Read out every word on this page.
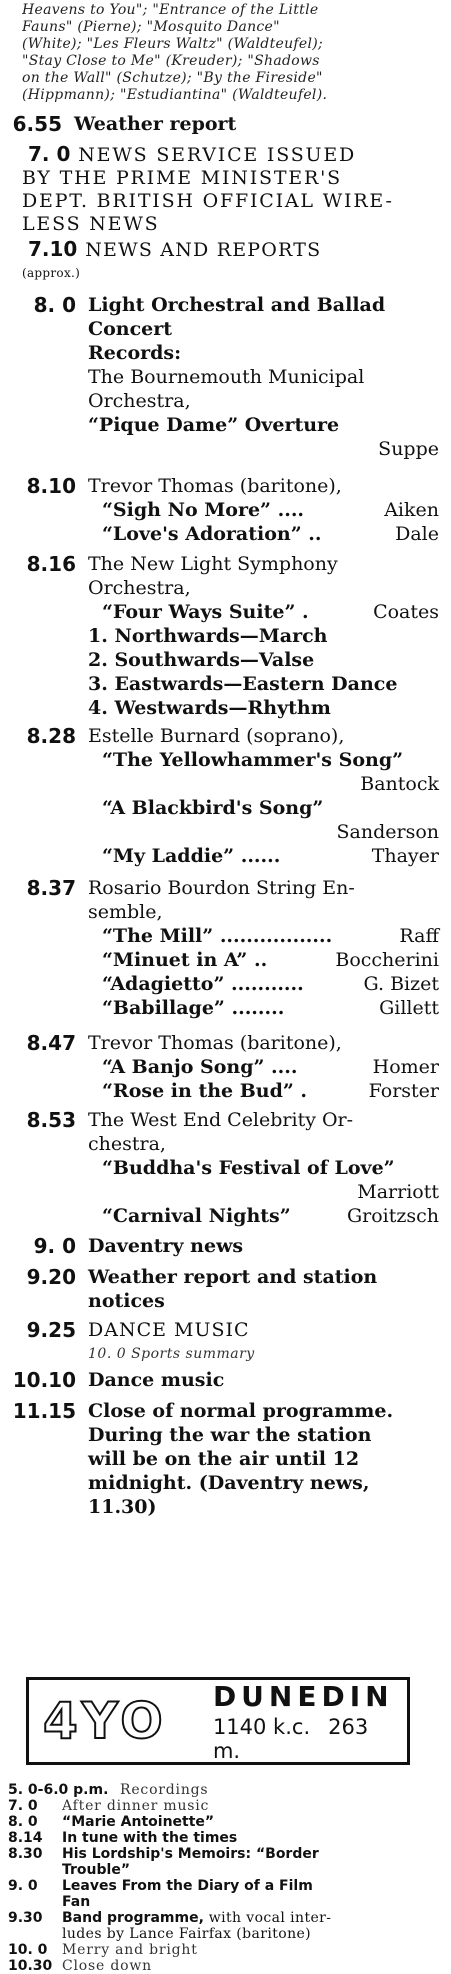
Heavens to You"; "Entrance of the Little
Fauns" (Pierne); "Mosquito Dance"
(White); "Les Fleurs Waltz" (Waldteufel);
"Stay Close to Me" (Kreuder); "Shadows
on the Wall" (Schutze); "By the Fireside"
(Hippmann); "Estudiantina" (Waldteufel).
6.55 Weather report
7. 0 NEWS SERVICE ISSUED
BY THE PRIME MINISTER'S
DEPT. BRITISH OFFICIAL WIRE-
LESS NEWS
7.10 NEWS AND REPORTS
(approx.)
8. 0 Light Orchestral and Ballad
Concert
Records:
The Bournemouth Municipal
Orchestra,
“Pique Dame” Overture
Suppe
8.10 Trevor Thomas (baritone),
“Sigh No More” ....	Aiken
“Love's Adoration” ..	Dale
8.16 The New Light Symphony
Orchestra,
“Four Ways Suite” .	Coates
1. Northwards—March
2. Southwards—Valse
3. Eastwards—Eastern Dance
4. Westwards—Rhythm
8.28 Estelle Burnard (soprano),
“The Yellowhammer's Song”
Bantock
“A Blackbird's Song”
Sanderson
“My Laddie” ......	Thayer
8.37 Rosario Bourdon String En-
semble,
“The Mill” .................	Raff
“Minuet in A” ..	Boccherini
“Adagietto” ...........	G. Bizet
“Babillage” ........	Gillett
8.47 Trevor Thomas (baritone),
“A Banjo Song” ....	Homer
“Rose in the Bud” .	Forster
8.53 The West End Celebrity Or-
chestra,
“Buddha's Festival of Love”
Marriott
“Carnival Nights”	Groitzsch
9. 0 Daventry news
9.20 Weather report and station
notices
9.25 DANCE MUSIC
10. 0 Sports summary
10.10 Dance music
11.15 Close of normal programme.
During the war the station
will be on the air until 12
midnight. (Daventry news,
11.30)
4YO	DUNEDIN
1140 k.c. 263 m.
5. 0-6.0 p.m. Recordings
7. 0	After dinner music
8. 0	“Marie Antoinette”
8.14	In tune with the times
8.30	His Lordship's Memoirs: “Border
Trouble”
9. 0	Leaves From the Diary of a Film
Fan
9.30	Band programme, with vocal inter-
ludes by Lance Fairfax (baritone)
10. 0	Merry and bright
10.30 Close down
